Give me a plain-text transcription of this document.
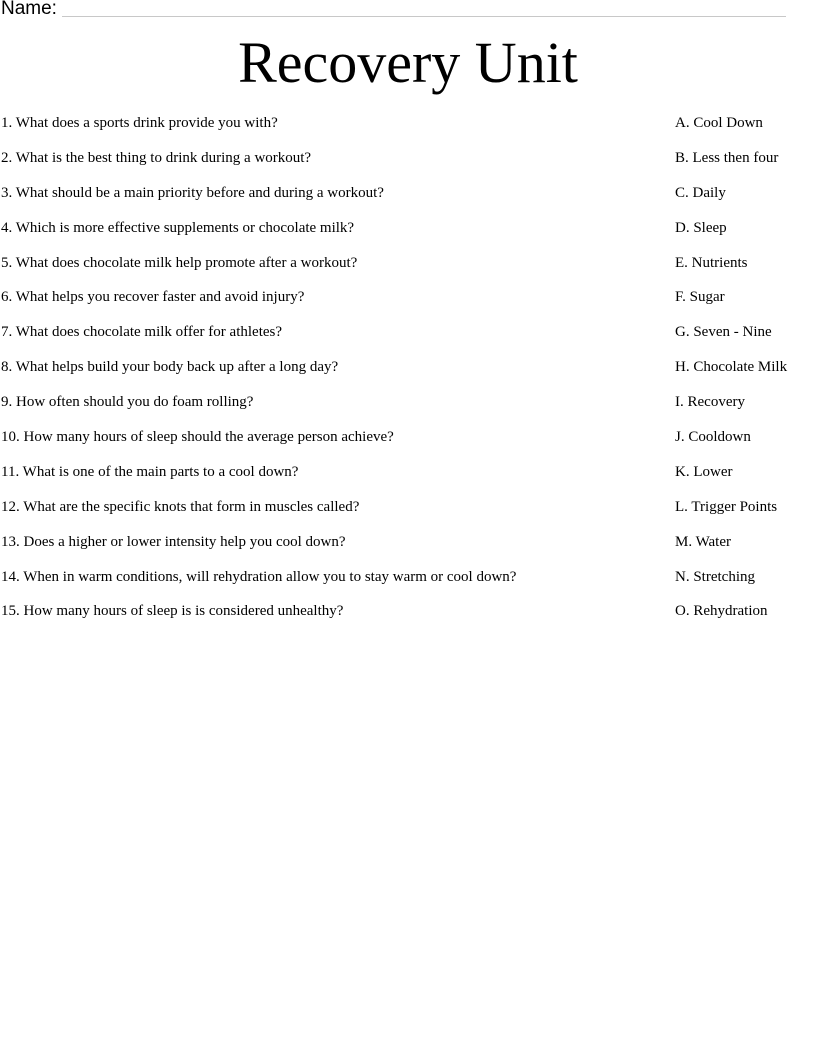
Name:
Recovery Unit
1. What does a sports drink provide you with?
2. What is the best thing to drink during a workout?
3. What should be a main priority before and during a workout?
4. Which is more effective supplements or chocolate milk?
5. What does chocolate milk help promote after a workout?
6. What helps you recover faster and avoid injury?
7. What does chocolate milk offer for athletes?
8. What helps build your body back up after a long day?
9. How often should you do foam rolling?
10. How many hours of sleep should the average person achieve?
11. What is one of the main parts to a cool down?
12. What are the specific knots that form in muscles called?
13. Does a higher or lower intensity help you cool down?
14. When in warm conditions, will rehydration allow you to stay warm or cool down?
15. How many hours of sleep is is considered unhealthy?
A. Cool Down
B. Less then four
C. Daily
D. Sleep
E. Nutrients
F. Sugar
G. Seven - Nine
H. Chocolate Milk
I. Recovery
J. Cooldown
K. Lower
L. Trigger Points
M. Water
N. Stretching
O. Rehydration
